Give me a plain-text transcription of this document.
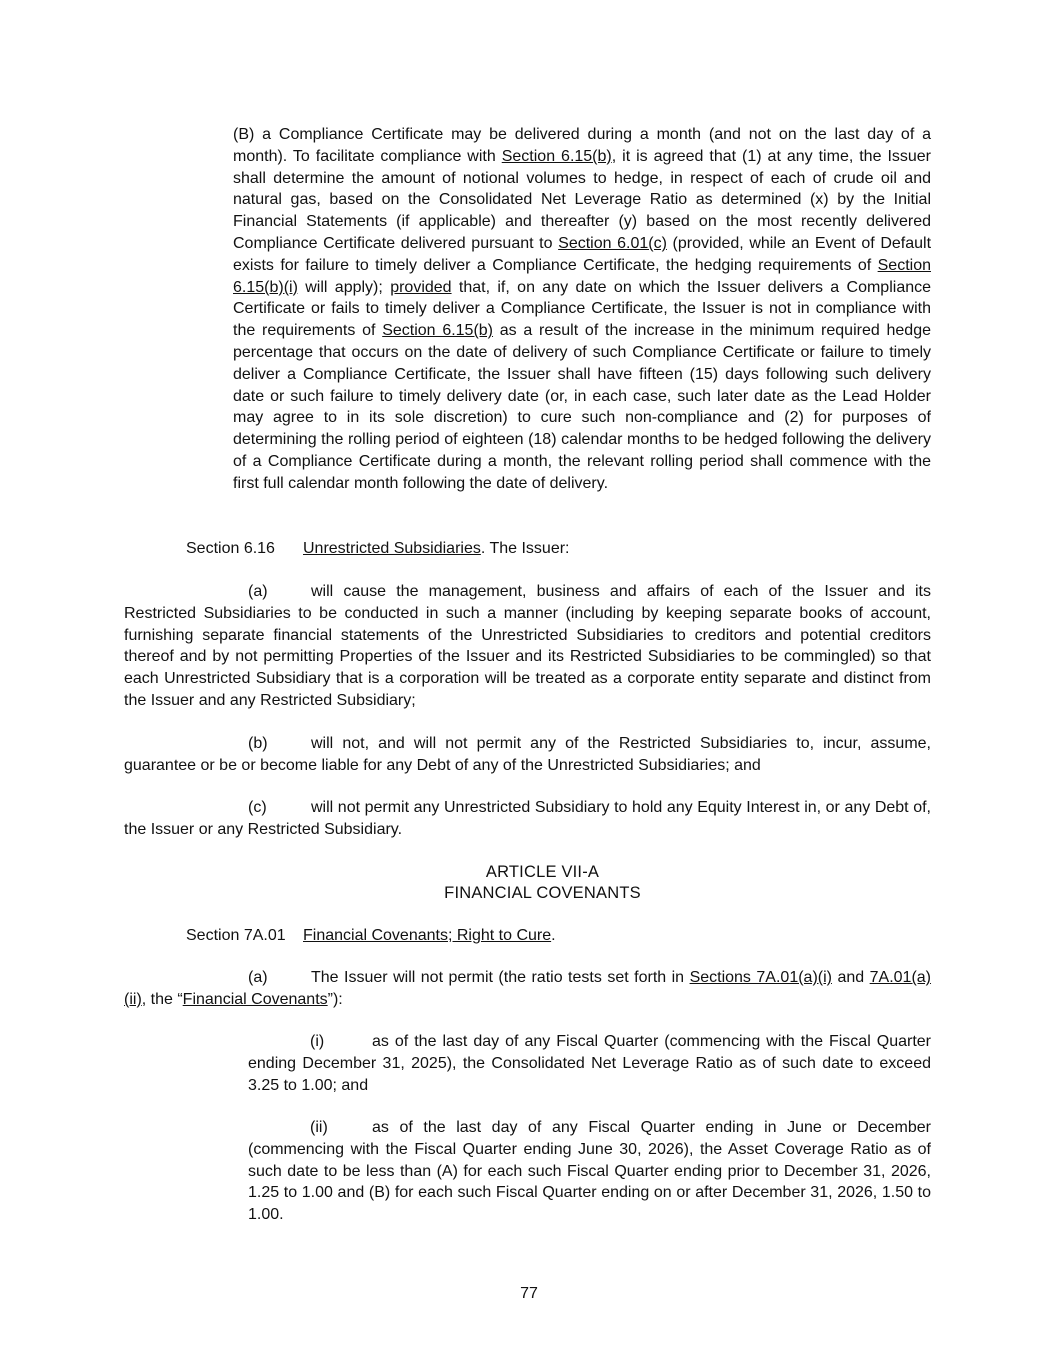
(B) a Compliance Certificate may be delivered during a month (and not on the last day of a month). To facilitate compliance with Section 6.15(b), it is agreed that (1) at any time, the Issuer shall determine the amount of notional volumes to hedge, in respect of each of crude oil and natural gas, based on the Consolidated Net Leverage Ratio as determined (x) by the Initial Financial Statements (if applicable) and thereafter (y) based on the most recently delivered Compliance Certificate delivered pursuant to Section 6.01(c) (provided, while an Event of Default exists for failure to timely deliver a Compliance Certificate, the hedging requirements of Section 6.15(b)(i) will apply); provided that, if, on any date on which the Issuer delivers a Compliance Certificate or fails to timely deliver a Compliance Certificate, the Issuer is not in compliance with the requirements of Section 6.15(b) as a result of the increase in the minimum required hedge percentage that occurs on the date of delivery of such Compliance Certificate or failure to timely deliver a Compliance Certificate, the Issuer shall have fifteen (15) days following such delivery date or such failure to timely delivery date (or, in each case, such later date as the Lead Holder may agree to in its sole discretion) to cure such non-compliance and (2) for purposes of determining the rolling period of eighteen (18) calendar months to be hedged following the delivery of a Compliance Certificate during a month, the relevant rolling period shall commence with the first full calendar month following the date of delivery.

Section 6.16 Unrestricted Subsidiaries. The Issuer:

(a)	will cause the management, business and affairs of each of the Issuer and its Restricted Subsidiaries to be conducted in such a manner (including by keeping separate books of account, furnishing separate financial statements of the Unrestricted Subsidiaries to creditors and potential creditors thereof and by not permitting Properties of the Issuer and its Restricted Subsidiaries to be commingled) so that each Unrestricted Subsidiary that is a corporation will be treated as a corporate entity separate and distinct from the Issuer and any Restricted Subsidiary;

(b)	will not, and will not permit any of the Restricted Subsidiaries to, incur, assume, guarantee or be or become liable for any Debt of any of the Unrestricted Subsidiaries; and

(c)	will not permit any Unrestricted Subsidiary to hold any Equity Interest in, or any Debt of, the Issuer or any Restricted Subsidiary.

ARTICLE VII-A

FINANCIAL COVENANTS

Section 7A.01 Financial Covenants; Right to Cure.

(a)	The Issuer will not permit (the ratio tests set forth in Sections 7A.01(a)(i) and 7A.01(a)(ii), the “Financial Covenants”):

(i)	as of the last day of any Fiscal Quarter (commencing with the Fiscal Quarter ending December 31, 2025), the Consolidated Net Leverage Ratio as of such date to exceed 3.25 to 1.00; and

(ii)	as of the last day of any Fiscal Quarter ending in June or December (commencing with the Fiscal Quarter ending June 30, 2026), the Asset Coverage Ratio as of such date to be less than (A) for each such Fiscal Quarter ending prior to December 31, 2026, 1.25 to 1.00 and (B) for each such Fiscal Quarter ending on or after December 31, 2026, 1.50 to 1.00.

77
